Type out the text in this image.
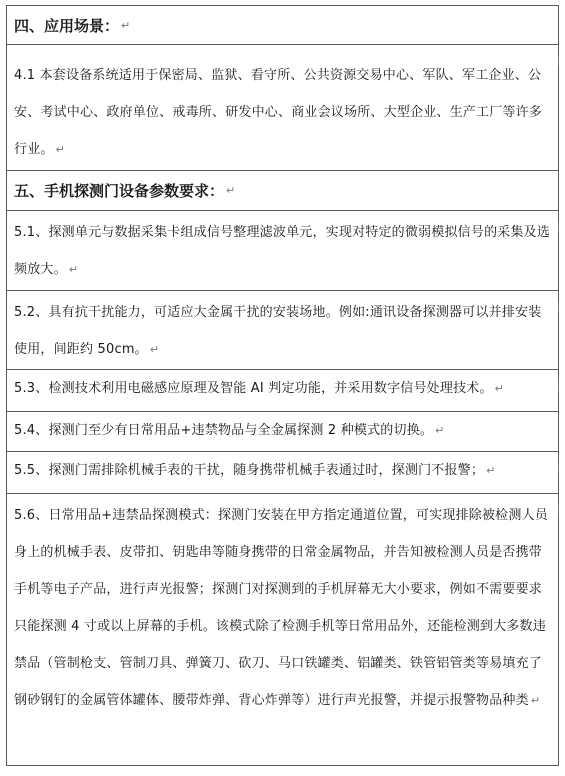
四、应用场景： ↵
4.1 本套设备系统适用于保密局、监狱、看守所、公共资源交易中心、军队、军工企业、公安、考试中心、政府单位、戒毒所、研发中心、商业会议场所、大型企业、生产工厂等许多行业。 ↵
五、手机探测门设备参数要求： ↵
5.1、探测单元与数据采集卡组成信号整理滤波单元，实现对特定的微弱模拟信号的采集及选频放大。 ↵
5.2、具有抗干扰能力，可适应大金属干扰的安装场地。例如:通讯设备探测器可以并排安装使用，间距约 50cm。 ↵
5.3、检测技术利用电磁感应原理及智能 AI 判定功能，并采用数字信号处理技术。 ↵
5.4、探测门至少有日常用品+违禁物品与全金属探测 2 种模式的切换。 ↵
5.5、探测门需排除机械手表的干扰，随身携带机械手表通过时，探测门不报警； ↵
5.6、日常用品+违禁品探测模式：探测门安装在甲方指定通道位置，可实现排除被检测人员身上的机械手表、皮带扣、钥匙串等随身携带的日常金属物品，并告知被检测人员是否携带手机等电子产品，进行声光报警；探测门对探测到的手机屏幕无大小要求，例如不需要要求只能探测 4 寸或以上屏幕的手机。该模式除了检测手机等日常用品外，还能检测到大多数违禁品（管制枪支、管制刀具、弹簧刀、砍刀、马口铁罐类、铝罐类、铁管铝管类等易填充了钢砂钢钉的金属管体罐体、腰带炸弹、背心炸弹等）进行声光报警，并提示报警物品种类 ↵
